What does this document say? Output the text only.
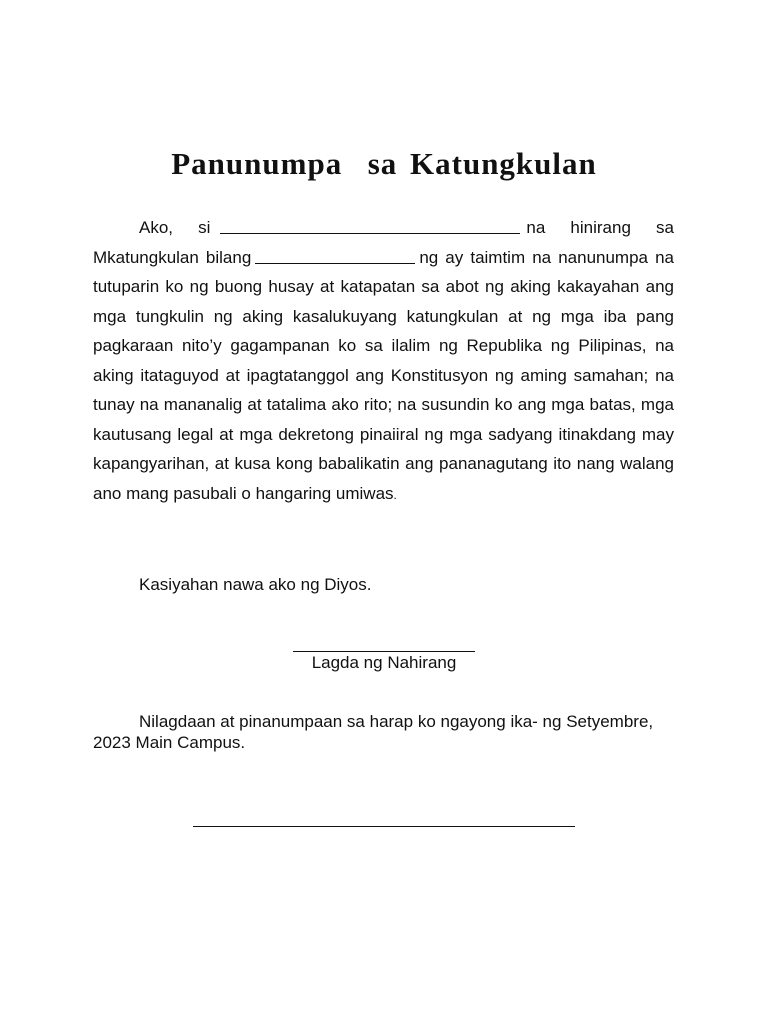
Panunumpa  sa Katungkulan

Ako, si	na hinirang sa Mkatungkulan bilang	ng ay taimtim na nanunumpa na tutuparin ko ng buong husay at katapatan sa abot ng aking kakayahan ang mga tungkulin ng aking kasalukuyang katungkulan at ng mga iba pang pagkaraan nito’y gagampanan ko sa ilalim ng Republika ng Pilipinas, na aking itataguyod at ipagtatanggol ang Konstitusyon ng aming samahan; na tunay na mananalig at tatalima ako rito; na susundin ko ang mga batas, mga kautusang legal at mga dekretong pinaiiral ng mga sadyang itinakdang may kapangyarihan, at kusa kong babalikatin ang pananagutang ito nang walang ano mang pasubali o hangaring umiwas.

Kasiyahan nawa ako ng Diyos.

Lagda ng Nahirang

Nilagdaan at pinanumpaan sa harap ko ngayong ika- ng Setyembre, 2023 Main Campus.
